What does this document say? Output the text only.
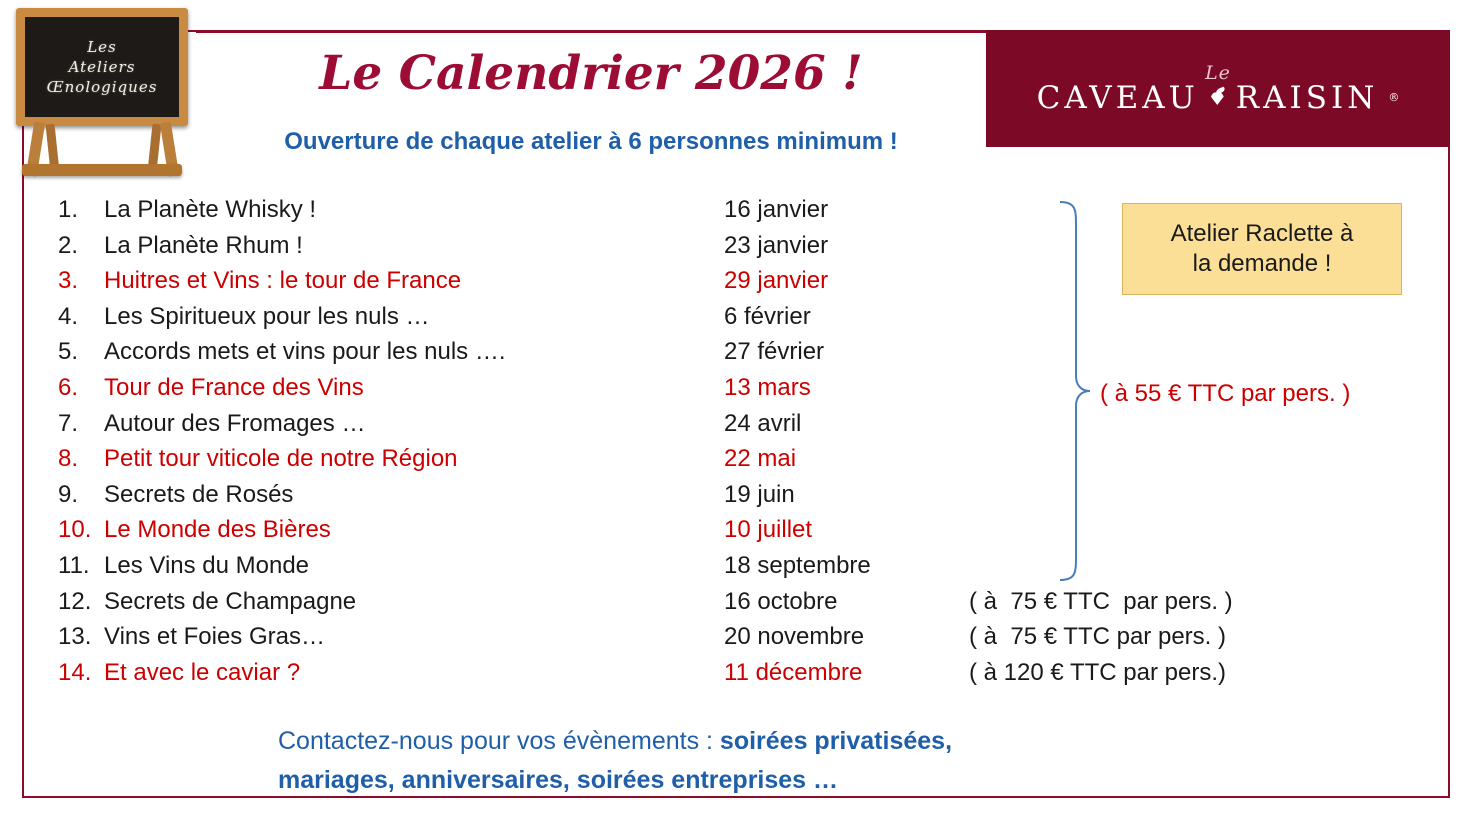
Les
Ateliers
Œnologiques	Le Calendrier 2026 !
Ouverture de chaque atelier à 6 personnes minimum !
Le
CAVEAU RAISIN ®
1.	La Planète Whisky !	16 janvier
2.	La Planète Rhum !	23 janvier
3.	Huitres et Vins : le tour de France	29 janvier
4.	Les Spiritueux pour les nuls …	6 février
5.	Accords mets et vins pour les nuls ….	27 février
6.	Tour de France des Vins	13 mars
7.	Autour des Fromages …	24 avril
8.	Petit tour viticole de notre Région	22 mai
9.	Secrets de Rosés	19 juin
10. Le Monde des Bières	10 juillet
11. Les Vins du Monde	18 septembre
12. Secrets de Champagne	16 octobre	( à  75 € TTC  par pers. )
13. Vins et Foies Gras…	20 novembre	( à  75 € TTC par pers. )
14. Et avec le caviar ?	11 décembre	( à 120 € TTC par pers.)
( à 55 € TTC par pers. )
Atelier Raclette à
la demande !
Contactez-nous pour vos évènements : soirées privatisées,
mariages, anniversaires, soirées entreprises …
